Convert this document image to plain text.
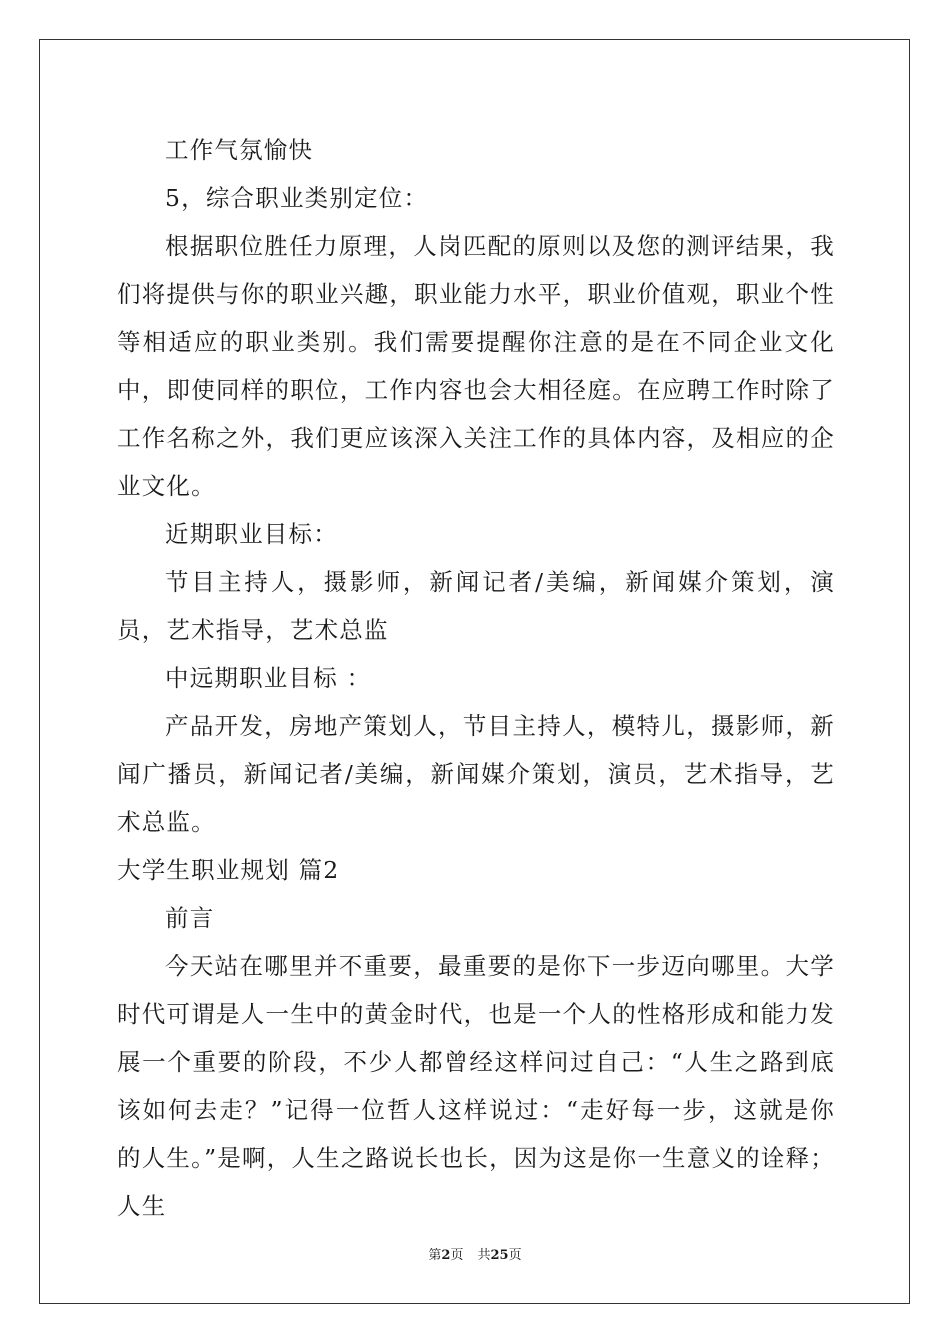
工作气氛愉快

5，综合职业类别定位：

根据职位胜任力原理，人岗匹配的原则以及您的测评结果，我们将提供与你的职业兴趣，职业能力水平，职业价值观，职业个性等相适应的职业类别。我们需要提醒你注意的是在不同企业文化中，即使同样的职位，工作内容也会大相径庭。在应聘工作时除了工作名称之外，我们更应该深入关注工作的具体内容，及相应的企业文化。

近期职业目标：

节目主持人，摄影师，新闻记者/美编，新闻媒介策划，演员，艺术指导，艺术总监

中远期职业目标 ：

产品开发，房地产策划人，节目主持人，模特儿，摄影师，新闻广播员，新闻记者/美编，新闻媒介策划，演员，艺术指导，艺术总监。

大学生职业规划 篇2

前言

今天站在哪里并不重要，最重要的是你下一步迈向哪里。大学时代可谓是人一生中的黄金时代，也是一个人的性格形成和能力发展一个重要的阶段，不少人都曾经这样问过自己：“人生之路到底该如何去走？”记得一位哲人这样说过：“走好每一步，这就是你的人生。”是啊，人生之路说长也长，因为这是你一生意义的诠释；人生

第2页 共25页
